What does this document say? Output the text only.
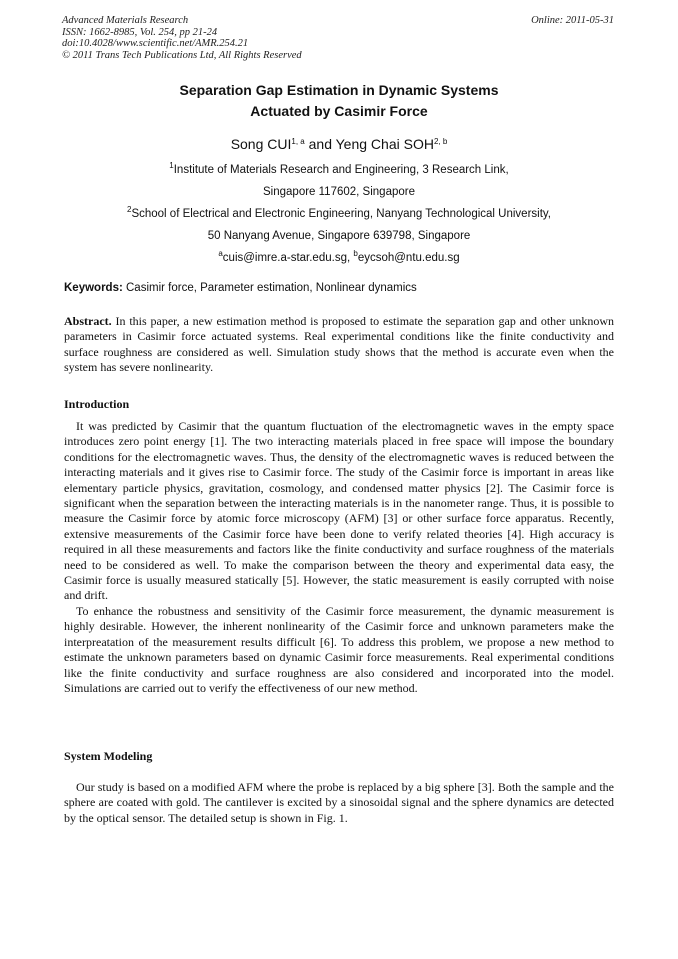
Advanced Materials Research
ISSN: 1662-8985, Vol. 254, pp 21-24
doi:10.4028/www.scientific.net/AMR.254.21
© 2011 Trans Tech Publications Ltd, All Rights Reserved
Online: 2011-05-31
Separation Gap Estimation in Dynamic Systems
Actuated by Casimir Force
Song CUI$^{1, a}$ and Yeng Chai SOH$^{2, b}$
$^1$Institute of Materials Research and Engineering, 3 Research Link,
Singapore 117602, Singapore
$^2$School of Electrical and Electronic Engineering, Nanyang Technological University,
50 Nanyang Avenue, Singapore 639798, Singapore
$^a$cuis@imre.a-star.edu.sg, $^b$eycsoh@ntu.edu.sg
Keywords: Casimir force, Parameter estimation, Nonlinear dynamics
Abstract. In this paper, a new estimation method is proposed to estimate the separation gap and other unknown parameters in Casimir force actuated systems. Real experimental conditions like the finite conductivity and surface roughness are considered as well. Simulation study shows that the method is accurate even when the system has severe nonlinearity.
Introduction

It was predicted by Casimir that the quantum fluctuation of the electromagnetic waves in the empty space introduces zero point energy [1]. The two interacting materials placed in free space will impose the boundary conditions for the electromagnetic waves. Thus, the density of the electromagnetic waves is reduced between the interacting materials and it gives rise to Casimir force. The study of the Casimir force is important in areas like elementary particle physics, gravitation, cosmology, and condensed matter physics [2]. The Casimir force is significant when the separation between the interacting materials is in the nanometer range. Thus, it is possible to measure the Casimir force by atomic force microscopy (AFM) [3] or other surface force apparatus. Recently, extensive measurements of the Casimir force have been done to verify related theories [4]. High accuracy is required in all these measurements and factors like the finite conductivity and surface roughness of the materials need to be considered as well. To make the comparison between the theory and experimental data easy, the Casimir force is usually measured statically [5]. However, the static measurement is easily corrupted with noise and drift.

To enhance the robustness and sensitivity of the Casimir force measurement, the dynamic measurement is highly desirable. However, the inherent nonlinearity of the Casimir force and unknown parameters make the interpreatation of the measurement results difficult [6]. To address this problem, we propose a new method to estimate the unknown parameters based on dynamic Casimir force measurements. Real experimental conditions like the finite conductivity and surface roughness are also considered and incorporated into the model. Simulations are carried out to verify the effectiveness of our new method.

System Modeling

Our study is based on a modified AFM where the probe is replaced by a big sphere [3]. Both the sample and the sphere are coated with gold. The cantilever is excited by a sinosoidal signal and the sphere dynamics are detected by the optical sensor. The detailed setup is shown in Fig. 1.
